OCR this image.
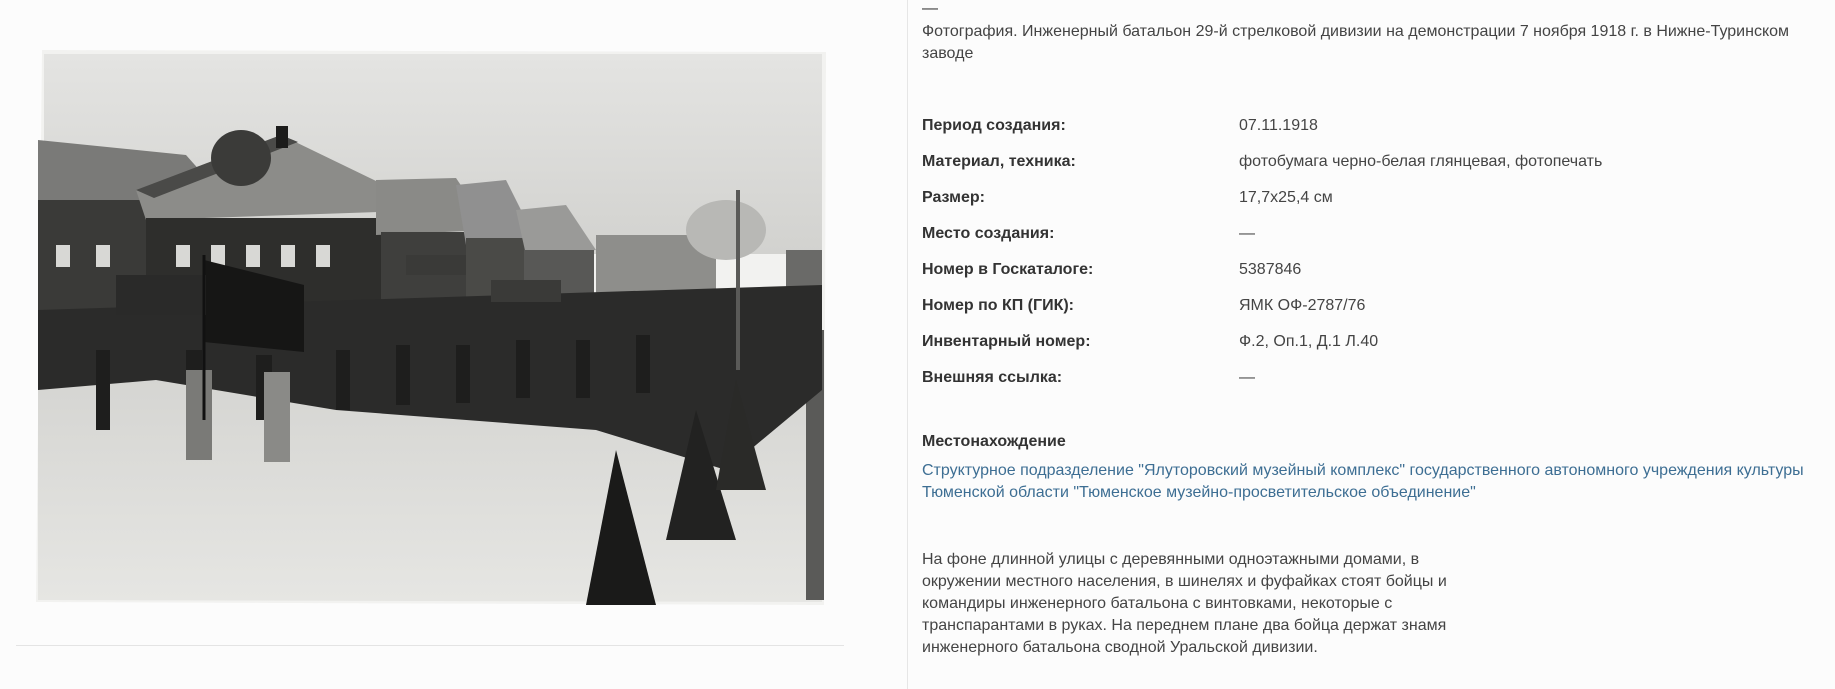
—
Фотография. Инженерный батальон 29-й стрелковой дивизии на демонстрации 7 ноября 1918 г. в Нижне-Туринском заводе
Период создания:	07.11.1918
Материал, техника:	фотобумага черно-белая глянцевая, фотопечать
Размер:	17,7х25,4 см
Место создания:	—
Номер в Госкаталоге:	5387846
Номер по КП (ГИК):	ЯМК ОФ-2787/76
Инвентарный номер:	Ф.2, Оп.1, Д.1 Л.40
Внешняя ссылка:	—
Местонахождение
Структурное подразделение "Ялуторовский музейный комплекс" государственного автономного учреждения культуры Тюменской области "Тюменское музейно-просветительское объединение"
На фоне длинной улицы с деревянными одноэтажными домами, в окружении местного населения, в шинелях и фуфайках стоят бойцы и командиры инженерного батальона с винтовками, некоторые с транспарантами в руках. На переднем плане два бойца держат знамя инженерного батальона сводной Уральской дивизии.
